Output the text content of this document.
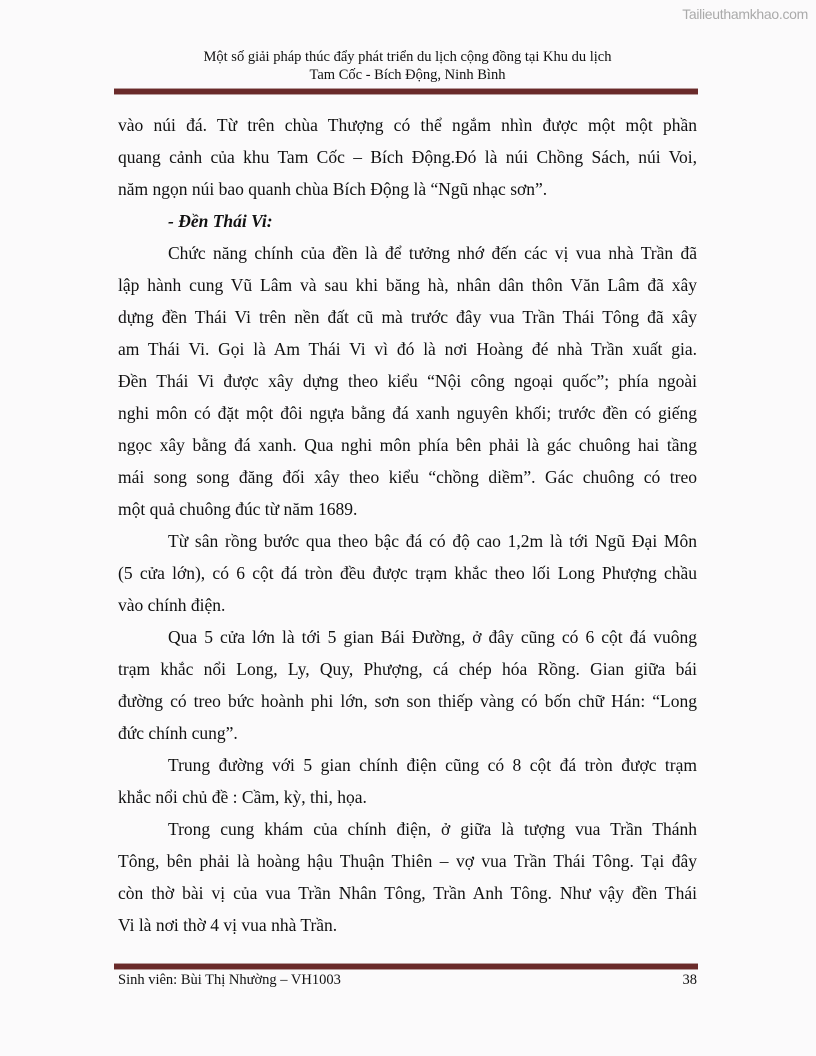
Tailieuthamkhao.com
Một số giải pháp thúc đẩy phát triển du lịch cộng đồng tại Khu du lịch
Tam Cốc - Bích Động, Ninh Bình
vào núi đá. Từ trên chùa Thượng có thể ngắm nhìn được một một phần
quang cảnh của khu Tam Cốc – Bích Động.Đó là núi Chồng Sách, núi Voi,
năm ngọn núi bao quanh chùa Bích Động là “Ngũ nhạc sơn”.
- Đền Thái Vi:
Chức năng chính của đền là để tưởng nhớ đến các vị vua nhà Trần đã
lập hành cung Vũ Lâm và sau khi băng hà, nhân dân thôn Văn Lâm đã xây
dựng đền Thái Vi trên nền đất cũ mà trước đây vua Trần Thái Tông đã xây
am Thái Vi. Gọi là Am Thái Vi vì đó là nơi Hoàng đé nhà Trần xuất gia.
Đền Thái Vi được xây dựng theo kiểu “Nội công ngoại quốc”; phía ngoài
nghi môn có đặt một đôi ngựa bằng đá xanh nguyên khối; trước đền có giếng
ngọc xây bằng đá xanh. Qua nghi môn phía bên phải là gác chuông hai tầng
mái song song đăng đối xây theo kiểu “chồng diềm”. Gác chuông có treo
một quả chuông đúc từ năm 1689.
Từ sân rồng bước qua theo bậc đá có độ cao 1,2m là tới Ngũ Đại Môn
(5 cửa lớn), có 6 cột đá tròn đều được trạm khắc theo lối Long Phượng chầu
vào chính điện.
Qua 5 cửa lớn là tới 5 gian Bái Đường, ở đây cũng có 6 cột đá vuông
trạm khắc nổi Long, Ly, Quy, Phượng, cá chép hóa Rồng. Gian giữa bái
đường có treo bức hoành phi lớn, sơn son thiếp vàng có bốn chữ Hán: “Long
đức chính cung”.
Trung đường với 5 gian chính điện cũng có 8 cột đá tròn được trạm
khắc nổi chủ đề : Cầm, kỳ, thi, họa.
Trong cung khám của chính điện, ở giữa là tượng vua Trần Thánh
Tông, bên phải là hoàng hậu Thuận Thiên – vợ vua Trần Thái Tông. Tại đây
còn thờ bài vị của vua Trần Nhân Tông, Trần Anh Tông. Như vậy đền Thái
Vi là nơi thờ 4 vị vua nhà Trần.
Sinh viên: Bùi Thị Nhường – VH1003	38
